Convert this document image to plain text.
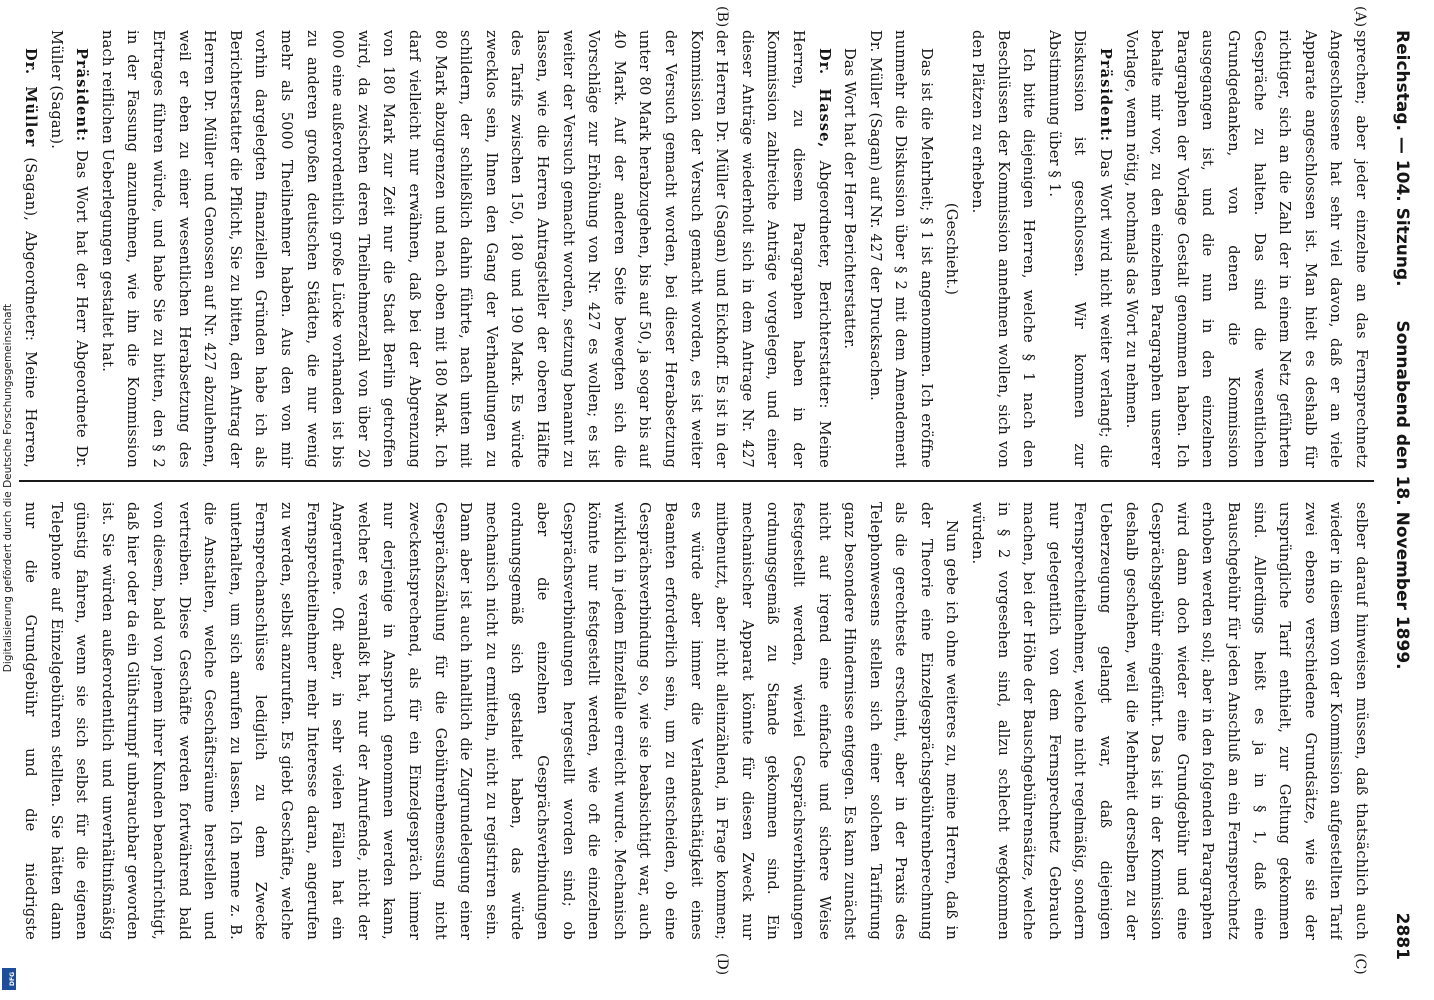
Digitalisierung gefördert durch die Deutsche Forschungsgemeinschaft
DFG
Reichstag. — 104. Sitzung.
Sonnabend den 18. November 1899.
2881
(A)
(B)
(C)
(D)

sprechen; aber jeder einzelne an das Fernsprechnetz Angeschlossene hat sehr viel davon, daß er an viele Apparate angeschlossen ist. Man hielt es deshalb für richtiger, sich an die Zahl der in einem Netz geführten Gespräche zu halten. Das sind die wesentlichen Grundgedanken, von denen die Kommission ausgegangen ist, und die nun in den einzelnen Paragraphen der Vorlage Gestalt genommen haben. Ich behalte mir vor, zu den einzelnen Paragraphen unserer Vorlage, wenn nötig, nochmals das Wort zu nehmen.

Präsident: Das Wort wird nicht weiter verlangt; die Diskussion ist geschlossen. Wir kommen zur Abstimmung über § 1.

Ich bitte diejenigen Herren, welche § 1 nach den Beschlüssen der Kommission annehmen wollen, sich von den Plätzen zu erheben.

(Geschieht.)

Das ist die Mehrheit; § 1 ist angenommen. Ich eröffne nunmehr die Diskussion über § 2 mit dem Amendement Dr. Müller (Sagan) auf Nr. 427 der Drucksachen.

Das Wort hat der Herr Berichterstatter.

Dr. Hasse, Abgeordneter, Berichterstatter: Meine Herren, zu diesem Paragraphen haben in der Kommission zahlreiche Anträge vorgelegen, und einer dieser Anträge wiederholt sich in dem Antrage Nr. 427 der Herren Dr. Müller (Sagan) und Eickhoff. Es ist in der Kommission der Versuch gemacht worden, es ist weiter der Versuch gemacht worden, bei dieser Herabsetzung unter 80 Mark herabzugehen, bis auf 50, ja sogar bis auf 40 Mark. Auf der anderen Seite bewegten sich die Vorschläge zur Erhöhung von Nr. 427 es wollen; es ist weiter der Versuch gemacht worden, setzung benannt zu lassen, wie die Herren Antragsteller der oberen Hälfte des Tarifs zwischen 150, 180 und 190 Mark. Es würde zwecklos sein, Ihnen den Gang der Verhandlungen zu schildern, der schließlich dahin führte, nach unten mit 80 Mark abzugrenzen und nach oben mit 180 Mark. Ich darf vielleicht nur erwähnen, daß bei der Abgrenzung von 180 Mark zur Zeit nur die Stadt Berlin getroffen wird, da zwischen deren Theilnehmerzahl von über 20 000 eine außerordentlich große Lücke vorhanden ist bis zu anderen großen deutschen Städten, die nur wenig mehr als 5000 Theilnehmer haben. Aus den von mir vorhin dargelegten finanziellen Gründen habe ich als Berichterstatter die Pflicht, Sie zu bitten, den Antrag der Herren Dr. Müller und Genossen auf Nr. 427 abzulehnen, weil er eben zu einer wesentlichen Herabsetzung des Ertrages führen würde, und habe Sie zu bitten, den § 2 in der Fassung anzunehmen, wie ihn die Kommission nach reiflichen Ueberlegungen gestaltet hat.

Präsident: Das Wort hat der Herr Abgeordnete Dr. Müller (Sagan).

Dr. Müller (Sagan), Abgeordneter: Meine Herren,

selber darauf hinweisen müssen, daß thatsächlich auch wieder in diesem von der Kommission aufgestellten Tarif zwei ebenso verschiedene Grundsätze, wie sie der ursprüngliche Tarif enthielt, zur Geltung gekommen sind. Allerdings heißt es ja in § 1, daß eine Bauschgebühr für jeden Anschluß an ein Fernsprechnetz erhoben werden soll; aber in den folgenden Paragraphen wird dann doch wieder eine Grundgebühr und eine Gesprächsgebühr eingeführt. Das ist in der Kommission deshalb geschehen, weil die Mehrheit derselben zu der Ueberzeugung gelangt war, daß diejenigen Fernsprechteilnehmer, welche nicht regelmäßig, sondern nur gelegentlich von dem Fernsprechnetz Gebrauch machen, bei der Höhe der Bauschgebührensätze, welche in § 2 vorgesehen sind, allzu schlecht wegkommen würden.

Nun gebe ich ohne weiteres zu, meine Herren, daß in der Theorie eine Einzelgesprächsgebührenberechnung als die gerechteste erscheint, aber in der Praxis des Telephonwesens stellen sich einer solchen Tarifirung ganz besondere Hindernisse entgegen. Es kann zunächst nicht auf irgend eine einfache und sichere Weise festgestellt werden, wieviel Gesprächsverbindungen ordnungsgemäß zu Stande gekommen sind. Ein mechanischer Apparat könnte für diesen Zweck nur mitbenutzt, aber nicht alleinzählend, in Frage kommen; es würde aber immer die Verlandesthätigkeit eines Beamten erforderlich sein, um zu entscheiden, ob eine Gesprächsverbindung so, wie sie beabsichtigt war, auch wirklich in jedem Einzelfalle erreicht wurde. Mechanisch könnte nur festgestellt werden, wie oft die einzelnen Gesprächsverbindungen hergestellt worden sind; ob aber die einzelnen Gesprächsverbindungen ordnungsgemäß sich gestaltet haben, das würde mechanisch nicht zu ermitteln, nicht zu registriren sein. Dann aber ist auch inhaltlich die Zugrundelegung einer Gesprächszählung für die Gebührenbemessung nicht zweckentsprechend, als für ein Einzelgespräch immer nur derjenige in Anspruch genommen werden kann, welcher es veranlaßt hat, nur der Anrufende, nicht der Angerufene. Oft aber, in sehr vielen Fällen hat ein Fernsprechteilnehmer mehr Interesse daran, angerufen zu werden, selbst anzurufen. Es giebt Geschäfte, welche Fernsprechanschlüsse lediglich zu dem Zwecke unterhalten, um sich anrufen zu lassen. Ich nenne z. B. die Anstalten, welche Geschäftsräume herstellen und vertreiben. Diese Geschäfte werden fortwährend bald von diesem, bald von jenem ihrer Kunden benachrichtigt, daß hier oder da ein Glühstrumpf unbrauchbar geworden ist. Sie würden außerordentlich und unverhältnißmäßig günstig fahren, wenn sie sich selbst für die eigenen Telephone auf Einzelgebühren stellten. Sie hätten dann nur die Grundgebühr und die niedrigste
